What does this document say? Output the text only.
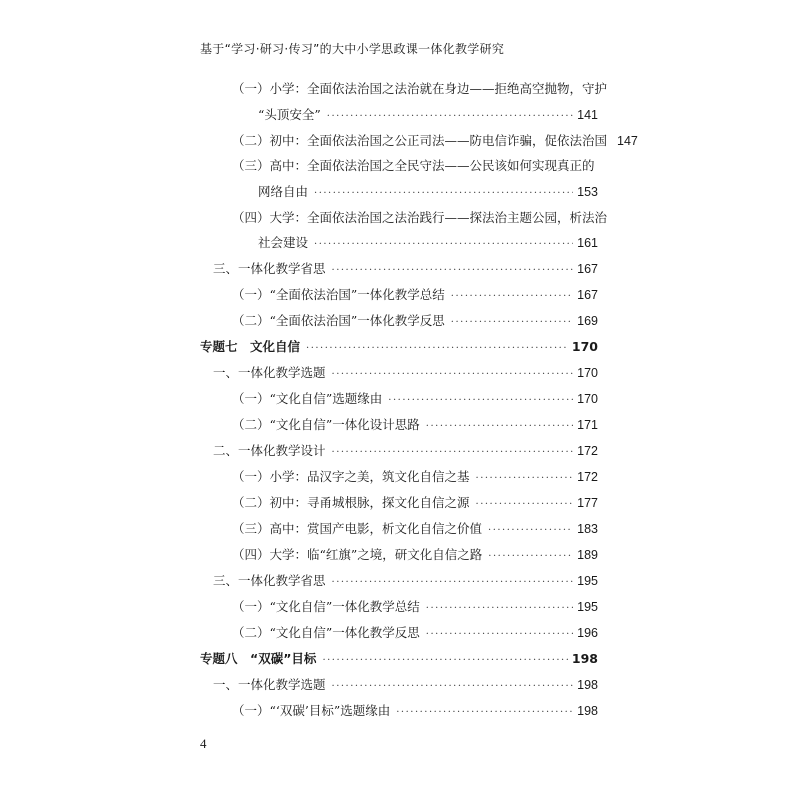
基于“学习·研习·传习”的大中小学思政课一体化教学研究
（一）小学：全面依法治国之法治就在身边——拒绝高空抛物，守护
“头顶安全” ·····	141
（二）初中：全面依法治国之公正司法——防电信诈骗，促依法治国 147
（三）高中：全面依法治国之全民守法——公民该如何实现真正的
网络自由 ·····	153
（四）大学：全面依法治国之法治践行——探法治主题公园，析法治
社会建设 ·····	161
三、一体化教学省思 ·····	167
（一）“全面依法治国”一体化教学总结 ·····	167
（二）“全面依法治国”一体化教学反思 ·····	169
专题七　文化自信 ·····	170
一、一体化教学选题 ·····	170
（一）“文化自信”选题缘由 ·····	170
（二）“文化自信”一体化设计思路 ·····	171
二、一体化教学设计 ·····	172
（一）小学：品汉字之美，筑文化自信之基 ·····	172
（二）初中：寻甬城根脉，探文化自信之源 ·····	177
（三）高中：赏国产电影，析文化自信之价值 ·····	183
（四）大学：临“红旗”之境，研文化自信之路 ·····	189
三、一体化教学省思 ·····	195
（一）“文化自信”一体化教学总结 ·····	195
（二）“文化自信”一体化教学反思 ·····	196
专题八　“双碳”目标 ·····	198
一、一体化教学选题 ·····	198
（一）“‘双碳’目标”选题缘由 ·····	198
4
